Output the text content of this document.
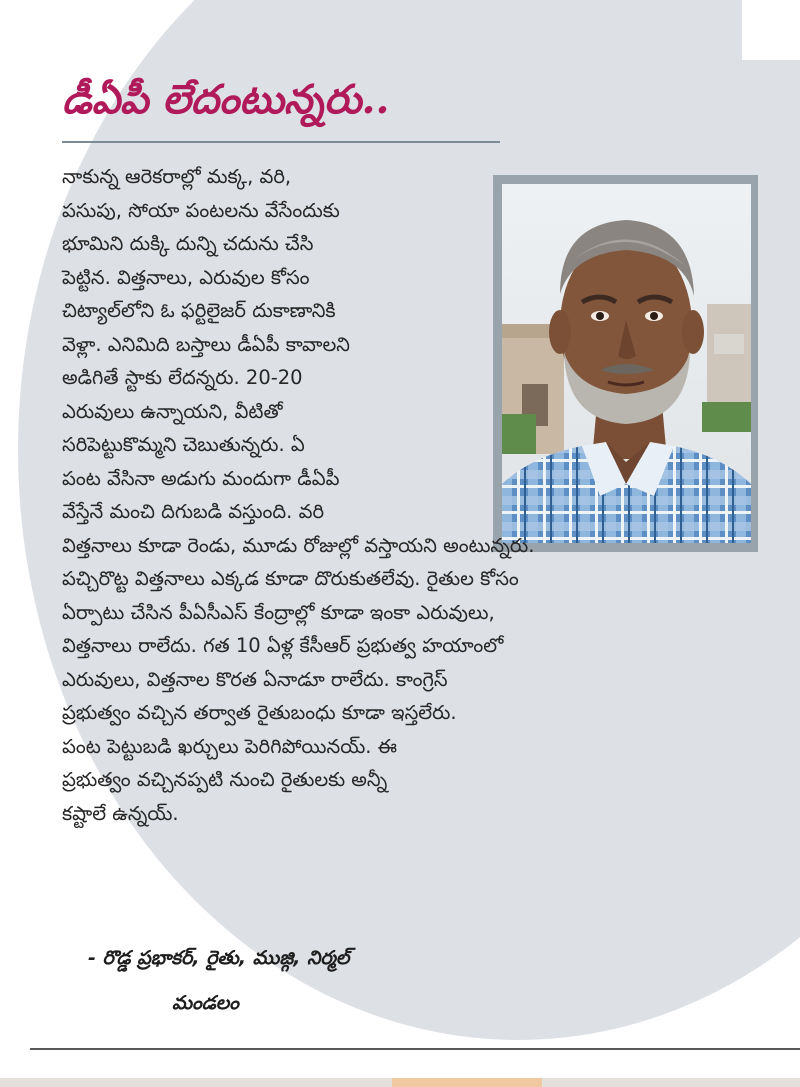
డీఏపీ లేదంటున్నరు..
నాకున్న ఆరెకరాల్లో మక్క, వరి,
పసుపు, సోయా పంటలను వేసేందుకు
భూమిని దుక్కి దున్ని చదును చేసి
పెట్టిన. విత్తనాలు, ఎరువుల కోసం
చిట్యాల్‌లోని ఓ ఫర్టిలైజర్ దుకాణానికి
వెళ్లా. ఎనిమిది బస్తాలు డీఏపీ కావాలని
అడిగితే స్టాకు లేదన్నరు. 20-20
ఎరువులు ఉన్నాయని, వీటితో
సరిపెట్టుకొమ్మని చెబుతున్నరు. ఏ
పంట వేసినా అడుగు మందుగా డీఏపీ
వేస్తేనే మంచి దిగుబడి వస్తుంది. వరి
విత్తనాలు కూడా రెండు, మూడు రోజుల్లో వస్తాయని అంటున్నరు.
పచ్చిరొట్ట విత్తనాలు ఎక్కడ కూడా దొరుకుతలేవు. రైతుల కోసం
ఏర్పాటు చేసిన పీఏసీఎస్ కేంద్రాల్లో కూడా ఇంకా ఎరువులు,
విత్తనాలు రాలేదు. గత 10 ఏళ్ల కేసీఆర్ ప్రభుత్వ హయాంలో
ఎరువులు, విత్తనాల కొరత ఏనాడూ రాలేదు. కాంగ్రెస్
ప్రభుత్వం వచ్చిన తర్వాత రైతుబంధు కూడా ఇస్తలేరు.
పంట పెట్టుబడి ఖర్చులు పెరిగిపోయినయ్. ఈ
ప్రభుత్వం వచ్చినప్పటి నుంచి రైతులకు అన్నీ
కష్టాలే ఉన్నయ్.

- రొడ్డ ప్రభాకర్, రైతు, ముజ్గి, నిర్మల్

మండలం
